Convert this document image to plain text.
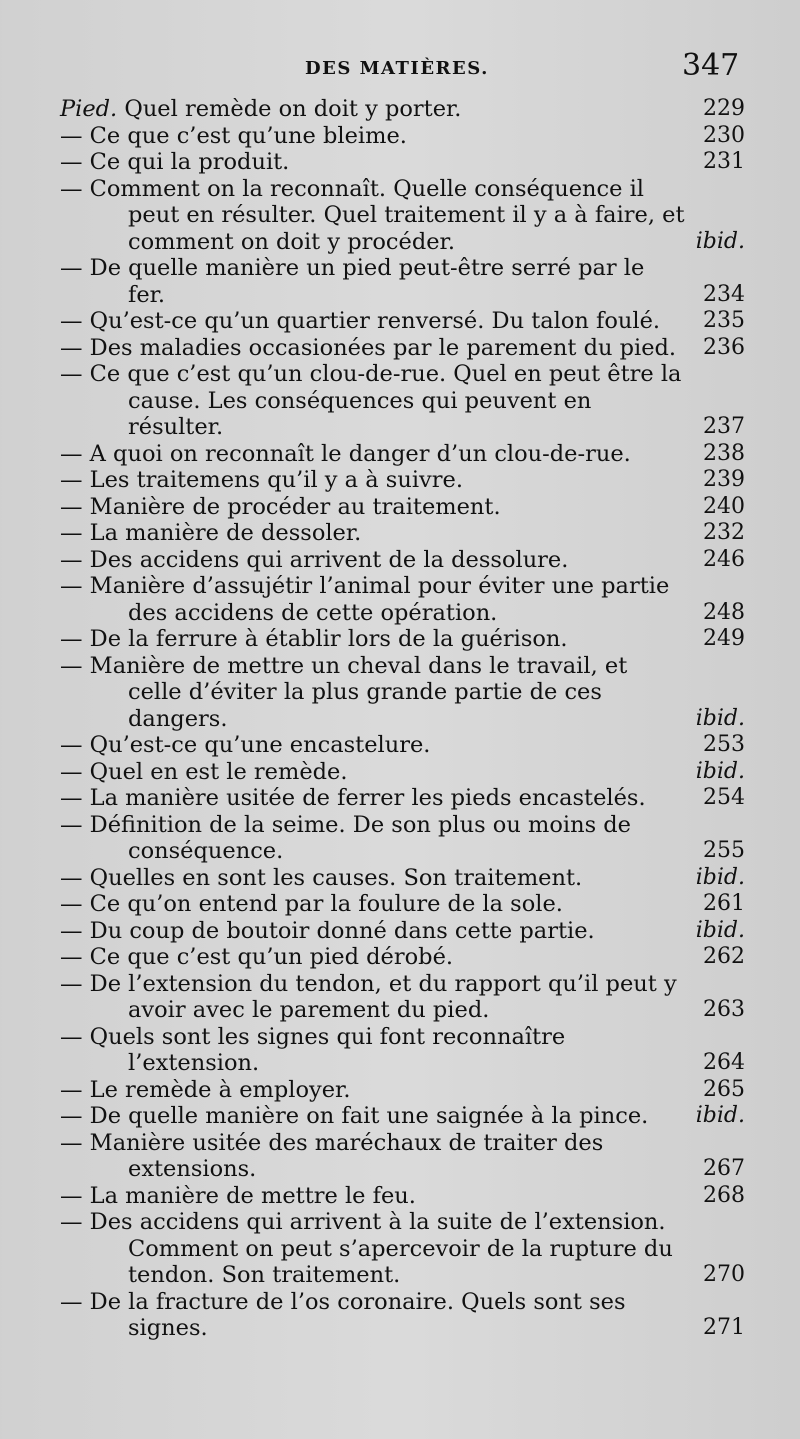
DES MATIÈRES.	347
Pied. Quel remède on doit y porter.	229
— Ce que c’est qu’une bleime.	230
— Ce qui la produit.	231
— Comment on la reconnaît. Quelle conséquence il peut en résulter. Quel traitement il y a à faire, et comment on doit y procéder.	ibid.
— De quelle manière un pied peut-être serré par le fer.	234
— Qu’est-ce qu’un quartier renversé. Du talon foulé.	235
— Des maladies occasionées par le parement du pied.	236
— Ce que c’est qu’un clou-de-rue. Quel en peut être la cause. Les conséquences qui peuvent en résulter.	237
— A quoi on reconnaît le danger d’un clou-de-rue.	238
— Les traitemens qu’il y a à suivre.	239
— Manière de procéder au traitement.	240
— La manière de dessoler.	232
— Des accidens qui arrivent de la dessolure.	246
— Manière d’assujétir l’animal pour éviter une partie des accidens de cette opération.	248
— De la ferrure à établir lors de la guérison.	249
— Manière de mettre un cheval dans le travail, et celle d’éviter la plus grande partie de ces dangers.	ibid.
— Qu’est-ce qu’une encastelure.	253
— Quel en est le remède.	ibid.
— La manière usitée de ferrer les pieds encastelés.	254
— Définition de la seime. De son plus ou moins de conséquence.	255
— Quelles en sont les causes. Son traitement.	ibid.
— Ce qu’on entend par la foulure de la sole.	261
— Du coup de boutoir donné dans cette partie.	ibid.
— Ce que c’est qu’un pied dérobé.	262
— De l’extension du tendon, et du rapport qu’il peut y avoir avec le parement du pied.	263
— Quels sont les signes qui font reconnaître l’extension.	264
— Le remède à employer.	265
— De quelle manière on fait une saignée à la pince.	ibid.
— Manière usitée des maréchaux de traiter des extensions.	267
— La manière de mettre le feu.	268
— Des accidens qui arrivent à la suite de l’extension. Comment on peut s’apercevoir de la rupture du tendon. Son traitement.	270
— De la fracture de l’os coronaire. Quels sont ses signes.	271
